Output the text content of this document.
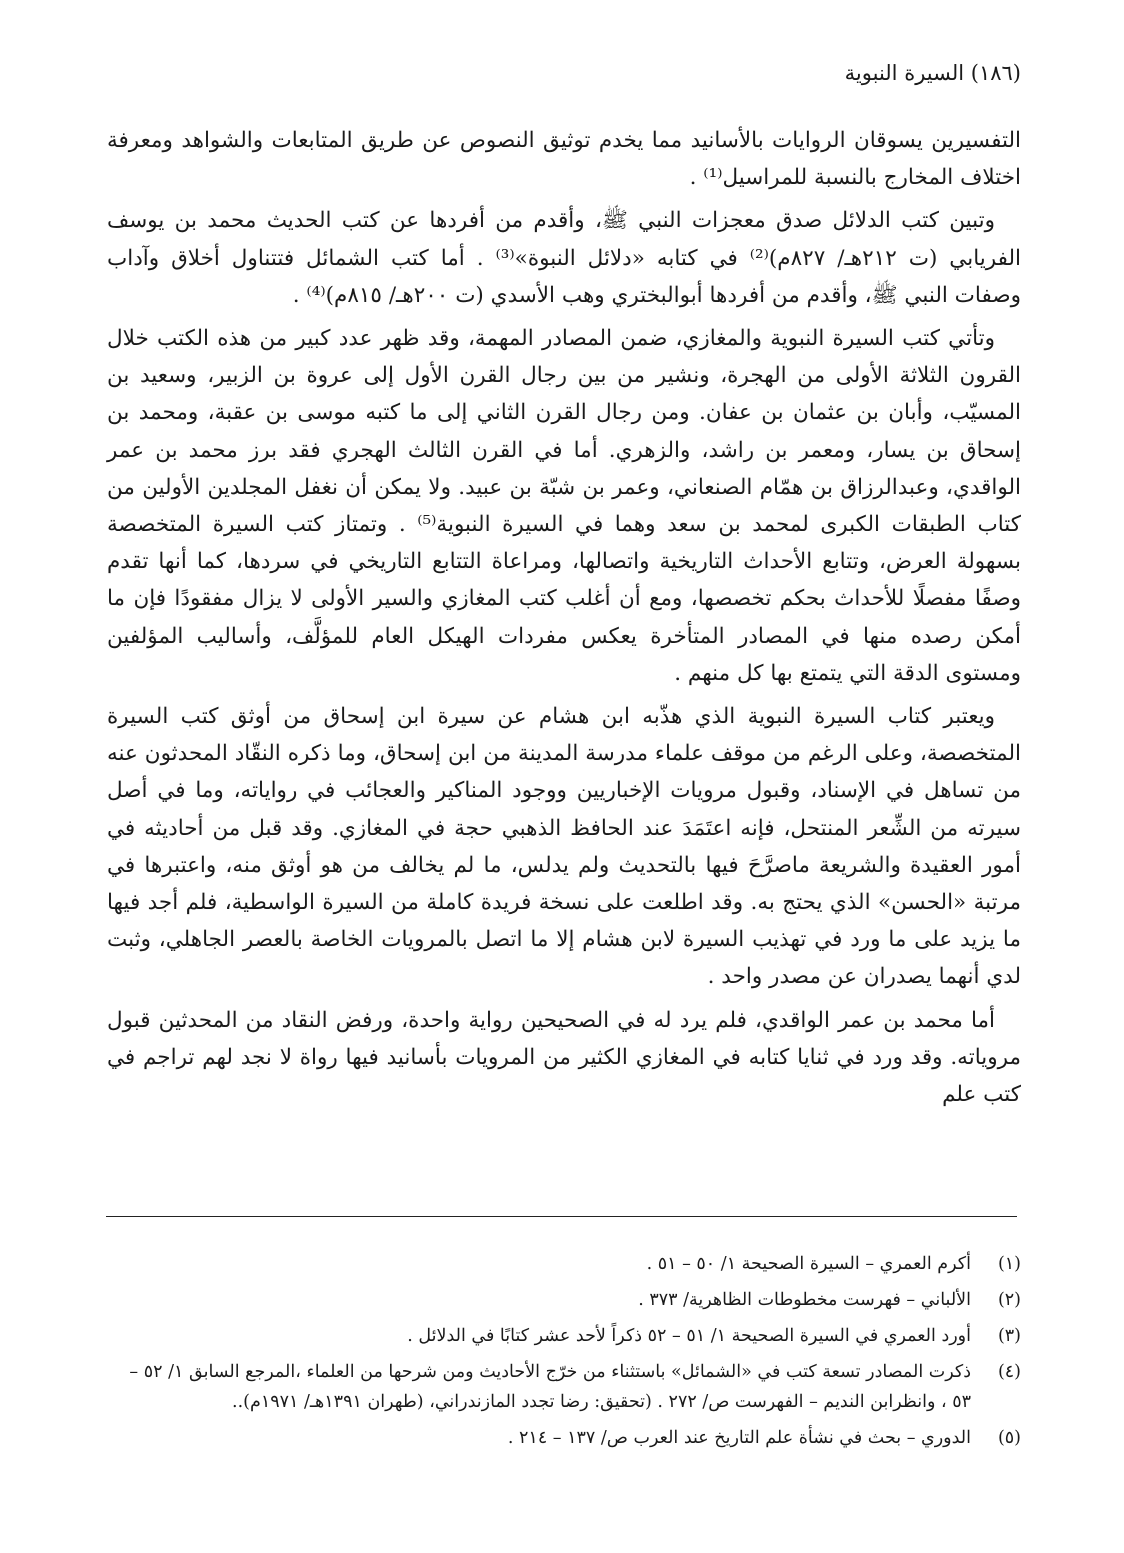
(١٨٦) السيرة النبوية

التفسيرين يسوقان الروايات بالأسانيد مما يخدم توثيق النصوص عن طريق المتابعات والشواهد ومعرفة اختلاف المخارج بالنسبة للمراسيل⁽¹⁾ .

وتبين كتب الدلائل صدق معجزات النبي ﷺ، وأقدم من أفردها عن كتب الحديث محمد بن يوسف الفريابي (ت ٢١٢هـ/ ٨٢٧م)⁽²⁾ في كتابه «دلائل النبوة»⁽³⁾ . أما كتب الشمائل فتتناول أخلاق وآداب وصفات النبي ﷺ، وأقدم من أفردها أبوالبختري وهب الأسدي (ت ٢٠٠هـ/ ٨١٥م)⁽⁴⁾ .

وتأتي كتب السيرة النبوية والمغازي، ضمن المصادر المهمة، وقد ظهر عدد كبير من هذه الكتب خلال القرون الثلاثة الأولى من الهجرة، ونشير من بين رجال القرن الأول إلى عروة بن الزبير، وسعيد بن المسيّب، وأبان بن عثمان بن عفان. ومن رجال القرن الثاني إلى ما كتبه موسى بن عقبة، ومحمد بن إسحاق بن يسار، ومعمر بن راشد، والزهري. أما في القرن الثالث الهجري فقد برز محمد بن عمر الواقدي، وعبدالرزاق بن همّام الصنعاني، وعمر بن شبّة بن عبيد. ولا يمكن أن نغفل المجلدين الأولين من كتاب الطبقات الكبرى لمحمد بن سعد وهما في السيرة النبوية⁽⁵⁾ . وتمتاز كتب السيرة المتخصصة بسهولة العرض، وتتابع الأحداث التاريخية واتصالها، ومراعاة التتابع التاريخي في سردها، كما أنها تقدم وصفًا مفصلًا للأحداث بحكم تخصصها، ومع أن أغلب كتب المغازي والسير الأولى لا يزال مفقودًا فإن ما أمكن رصده منها في المصادر المتأخرة يعكس مفردات الهيكل العام للمؤلَّف، وأساليب المؤلفين ومستوى الدقة التي يتمتع بها كل منهم .

ويعتبر كتاب السيرة النبوية الذي هذّبه ابن هشام عن سيرة ابن إسحاق من أوثق كتب السيرة المتخصصة، وعلى الرغم من موقف علماء مدرسة المدينة من ابن إسحاق، وما ذكره النقّاد المحدثون عنه من تساهل في الإسناد، وقبول مرويات الإخباريين ووجود المناكير والعجائب في رواياته، وما في أصل سيرته من الشِّعر المنتحل، فإنه اعتَمَدَ عند الحافظ الذهبي حجة في المغازي. وقد قبل من أحاديثه في أمور العقيدة والشريعة ماصرَّحَ فيها بالتحديث ولم يدلس، ما لم يخالف من هو أوثق منه، واعتبرها في مرتبة «الحسن» الذي يحتج به. وقد اطلعت على نسخة فريدة كاملة من السيرة الواسطية، فلم أجد فيها ما يزيد على ما ورد في تهذيب السيرة لابن هشام إلا ما اتصل بالمرويات الخاصة بالعصر الجاهلي، وثبت لدي أنهما يصدران عن مصدر واحد .

أما محمد بن عمر الواقدي، فلم يرد له في الصحيحين رواية واحدة، ورفض النقاد من المحدثين قبول مروياته. وقد ورد في ثنايا كتابه في المغازي الكثير من المرويات بأسانيد فيها رواة لا نجد لهم تراجم في كتب علم

(١)
أكرم العمري – السيرة الصحيحة ١/ ٥٠ – ٥١ .
(٢)
الألباني – فهرست مخطوطات الظاهرية/ ٣٧٣ .
(٣)
أورد العمري في السيرة الصحيحة ١/ ٥١ – ٥٢ ذكراً لأحد عشر كتابًا في الدلائل .
(٤)
ذكرت المصادر تسعة كتب في «الشمائل» باستثناء من خرّج الأحاديث ومن شرحها من العلماء ،المرجع السابق ١/ ٥٢ – ٥٣ ، وانظرابن النديم – الفهرست ص/ ٢٧٢ . (تحقيق: رضا تجدد المازندراني، (طهران ١٣٩١هـ/ ١٩٧١م)..
(٥)
الدوري – بحث في نشأة علم التاريخ عند العرب ص/ ١٣٧ – ٢١٤ .
